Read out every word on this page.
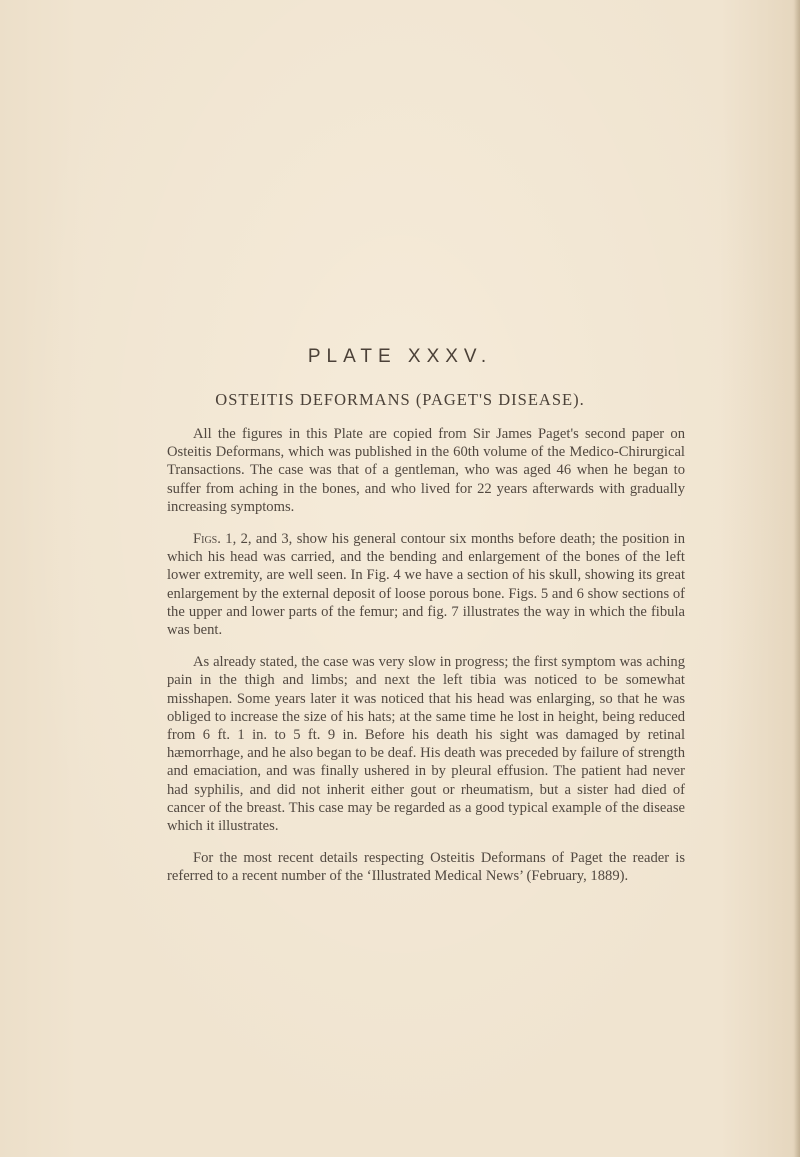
PLATE XXXV.
OSTEITIS DEFORMANS (PAGET'S DISEASE).

All the figures in this Plate are copied from Sir James Paget's second paper on Osteitis Deformans, which was published in the 60th volume of the Medico-Chirurgical Transactions. The case was that of a gentleman, who was aged 46 when he began to suffer from aching in the bones, and who lived for 22 years afterwards with gradually increasing symptoms.

Figs. 1, 2, and 3, show his general contour six months before death; the position in which his head was carried, and the bending and enlargement of the bones of the left lower extremity, are well seen. In Fig. 4 we have a section of his skull, showing its great enlargement by the external deposit of loose porous bone. Figs. 5 and 6 show sections of the upper and lower parts of the femur; and fig. 7 illustrates the way in which the fibula was bent.

As already stated, the case was very slow in progress; the first symptom was aching pain in the thigh and limbs; and next the left tibia was noticed to be somewhat misshapen. Some years later it was noticed that his head was enlarging, so that he was obliged to increase the size of his hats; at the same time he lost in height, being reduced from 6 ft. 1 in. to 5 ft. 9 in. Before his death his sight was damaged by retinal hæmorrhage, and he also began to be deaf. His death was preceded by failure of strength and emaciation, and was finally ushered in by pleural effusion. The patient had never had syphilis, and did not inherit either gout or rheumatism, but a sister had died of cancer of the breast. This case may be regarded as a good typical example of the disease which it illustrates.

For the most recent details respecting Osteitis Deformans of Paget the reader is referred to a recent number of the ‘Illustrated Medical News’ (February, 1889).
